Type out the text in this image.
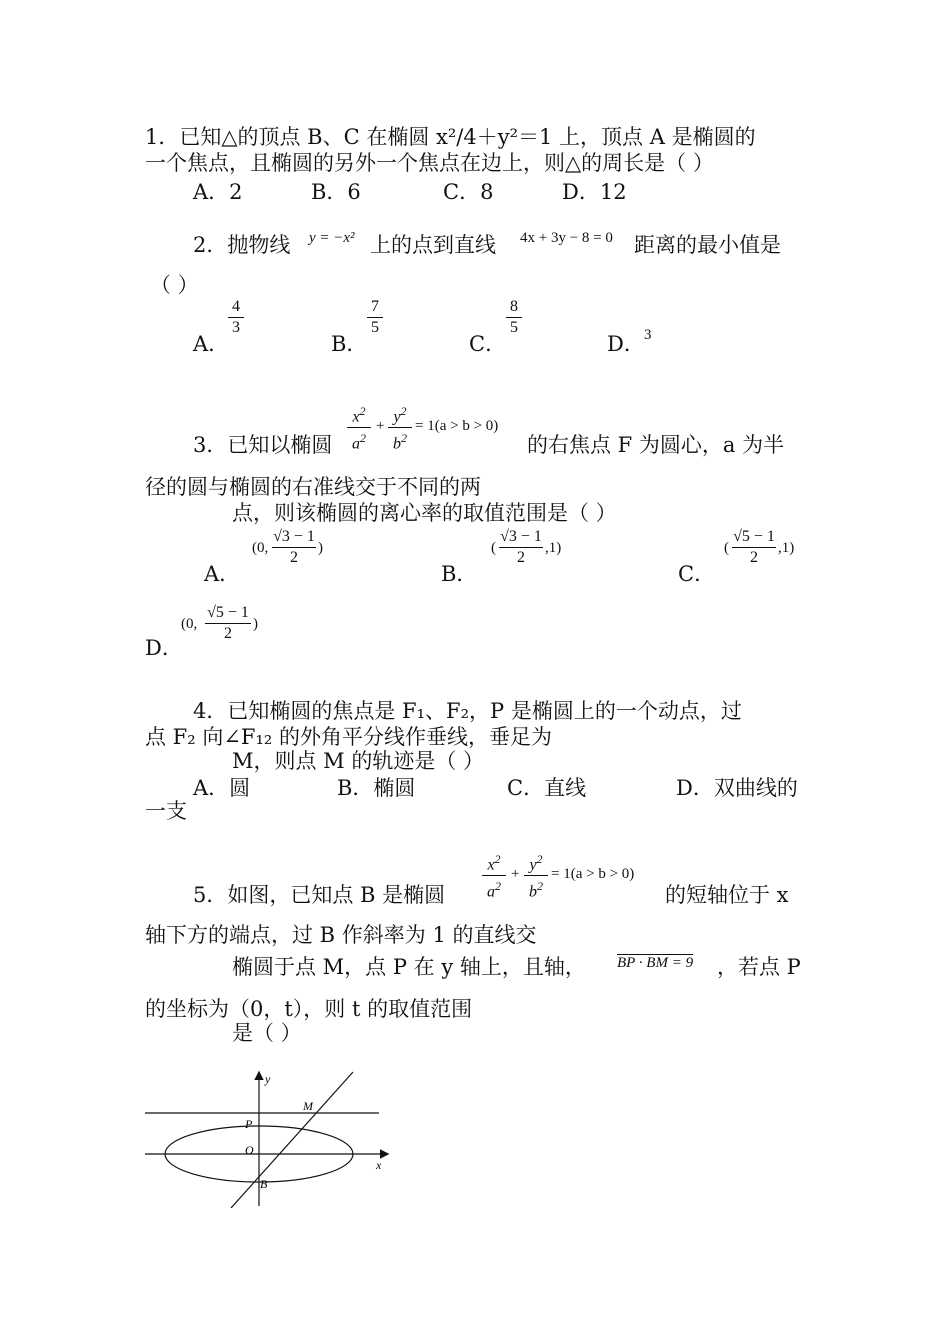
1．已知△的顶点 B、C 在椭圆 x²/4＋y²＝1 上，顶点 A 是椭圆的
一个焦点，且椭圆的另外一个焦点在边上，则△的周长是（ ）
A．2	B．6	C．8	D．12
2．抛物线 y = −x² 上的点到直线 4x + 3y − 8 = 0 距离的最小值是
（ ）
A．
4
3
B．
7
5
C．
8
5
D． 3
3．已知以椭圆
$x^2$
$a^2$
+
$y^2$
$b^2$
= 1(a > b > 0)
的右焦点 F 为圆心，a 为半
径的圆与椭圆的右准线交于不同的两
点，则该椭圆的离心率的取值范围是（ ）
A．
(0,
√3 − 1
2
)
B．
(
√3 − 1
2
,1)
C．
(
√5 − 1
2
,1)
D．
(0,
√5 − 1
2
)
4．已知椭圆的焦点是 F₁、F₂，P 是椭圆上的一个动点，过
点 F₂ 向∠F₁₂ 的外角平分线作垂线，垂足为
M，则点 M 的轨迹是（ ）
A．圆	B．椭圆	C．直线	D．双曲线的
一支
5．如图，已知点 B 是椭圆
$x^2$
$a^2$
+
$y^2$
$b^2$
= 1(a > b > 0)
的短轴位于 x
轴下方的端点，过 B 作斜率为 1 的直线交
椭圆于点 M，点 P 在 y 轴上，且轴， BP · BM = 9 ，若点 P
的坐标为（0，t），则 t 的取值范围
是（ ）
y
x
M
P
O
B
